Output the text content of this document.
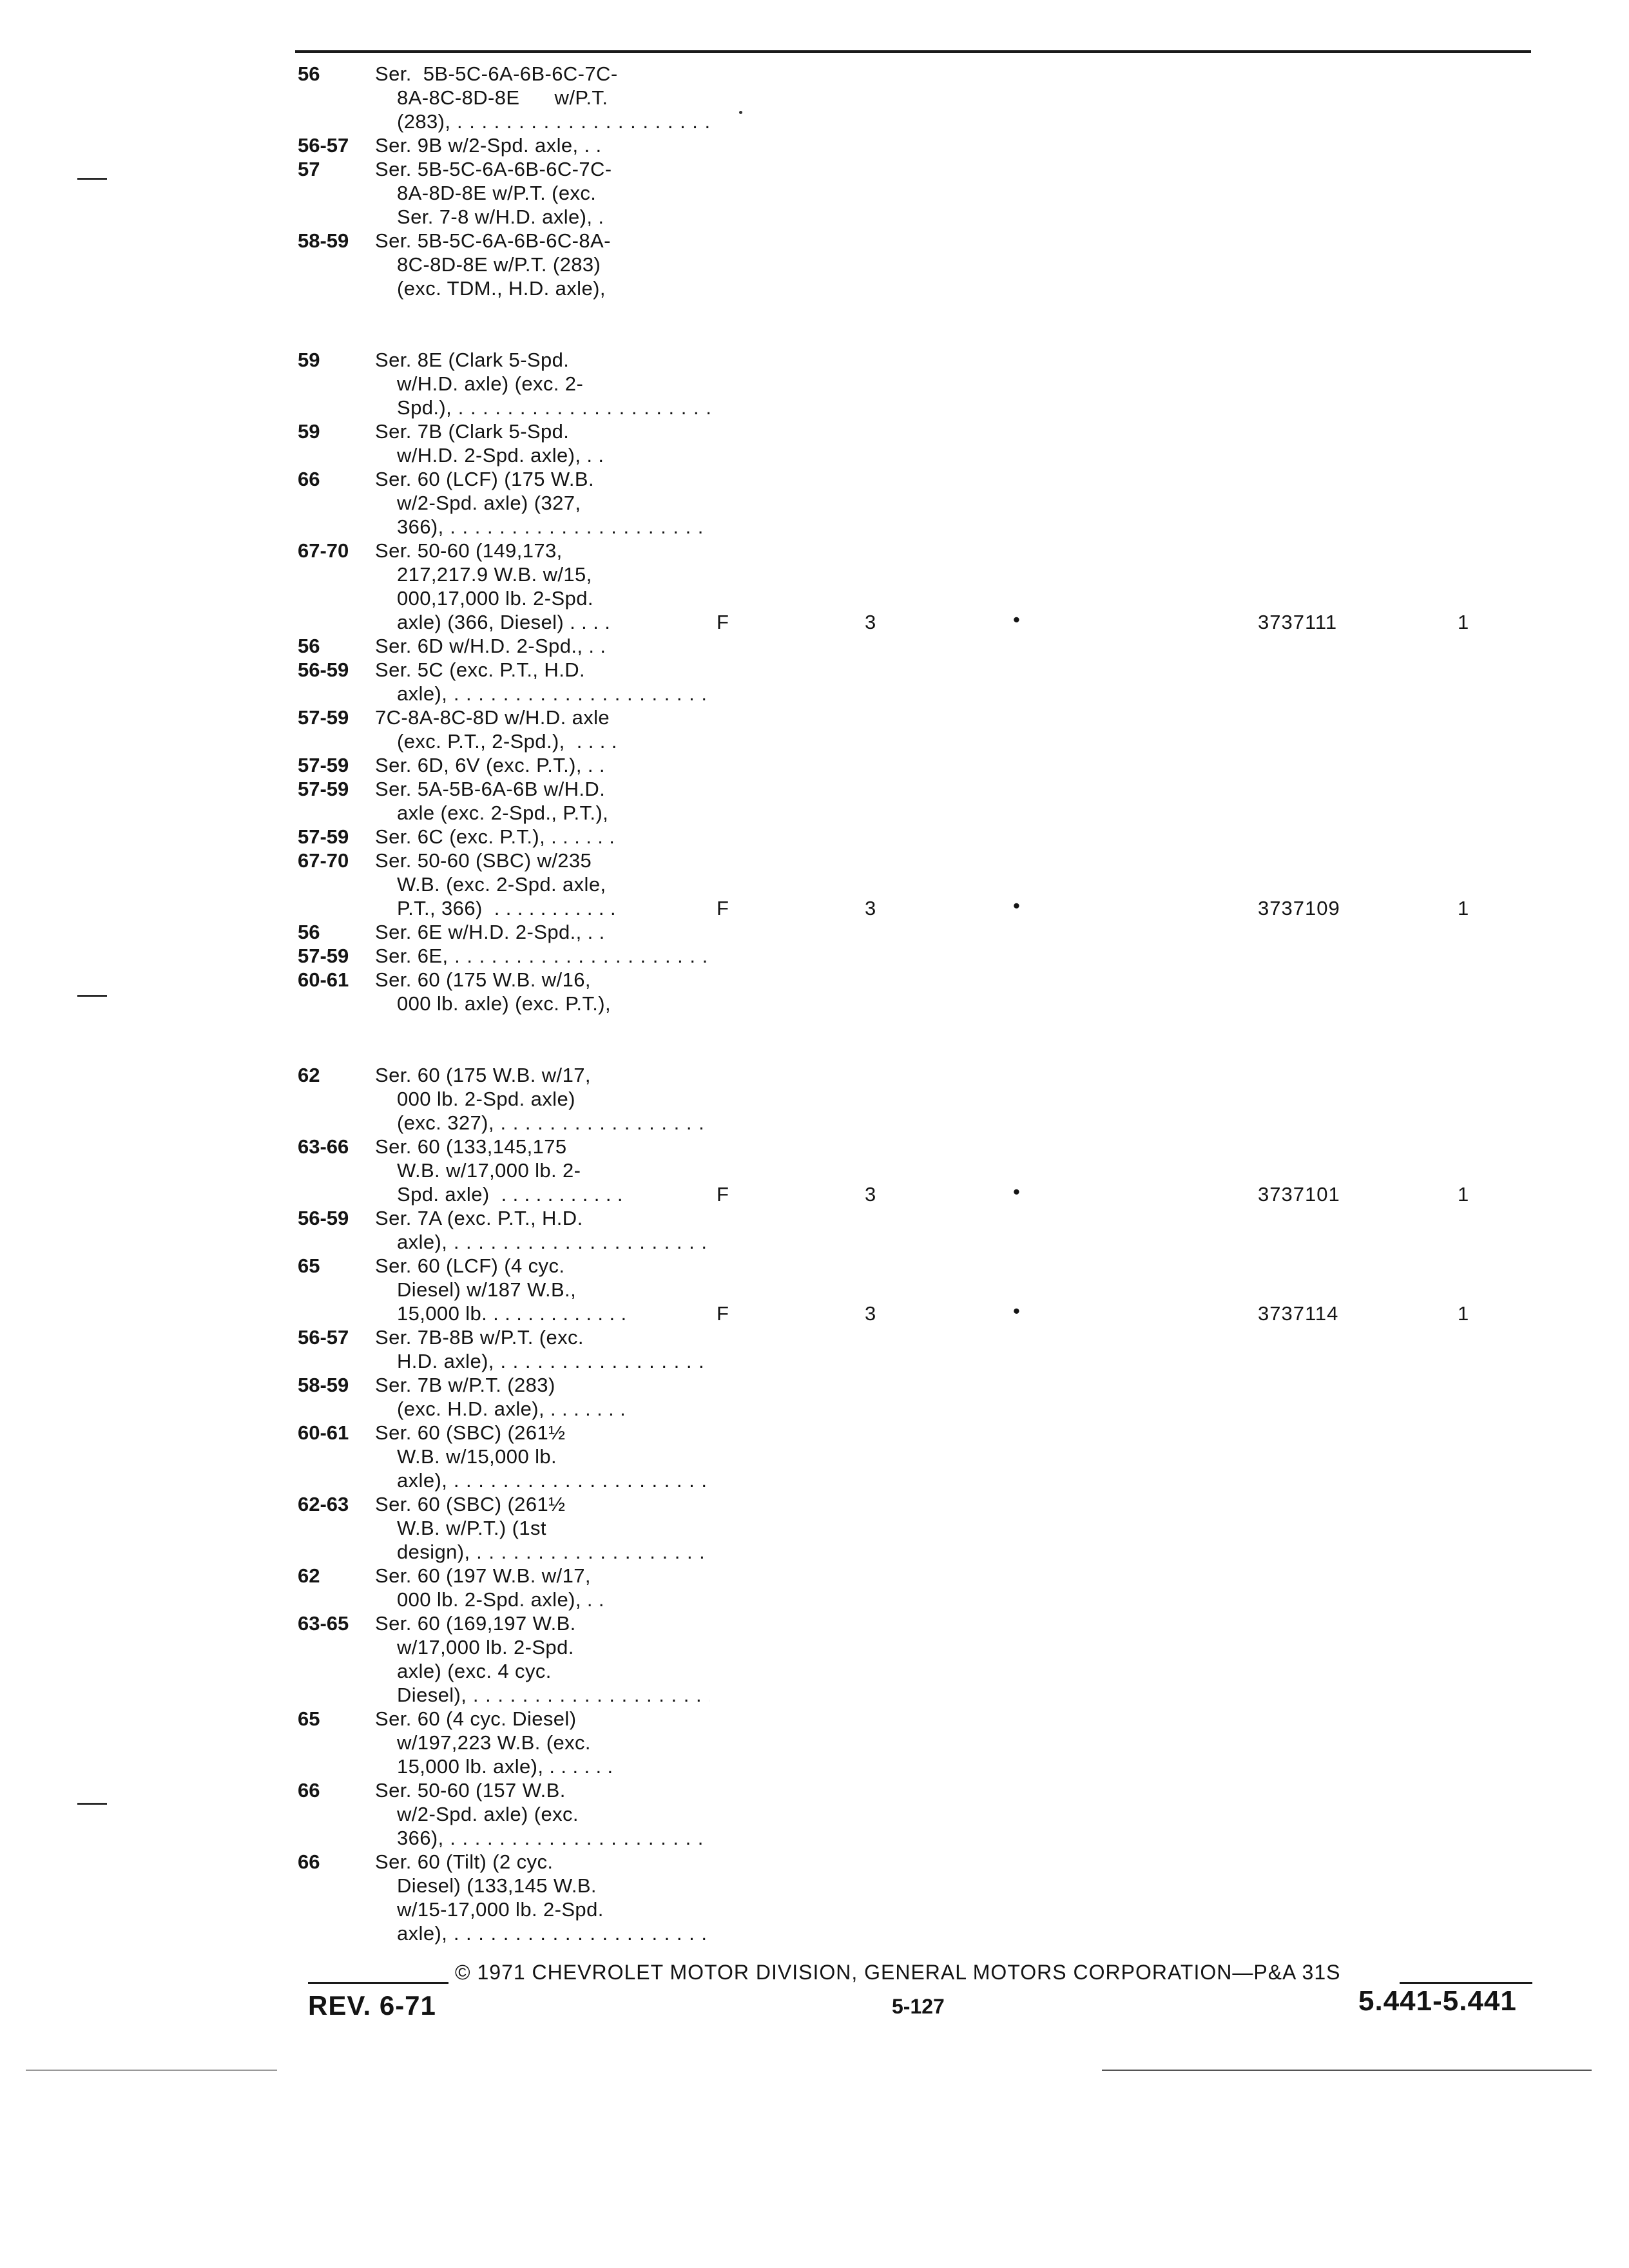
56	Ser.  5B-5C-6A-6B-6C-7C-
8A-8C-8D-8E      w/P.T.
(283), . . .
56-57 Ser. 9B w/2-Spd. axle, . .
57	Ser. 5B-5C-6A-6B-6C-7C-
8A-8D-8E w/P.T. (exc.
Ser. 7-8 w/H.D. axle), .
58-59 Ser. 5B-5C-6A-6B-6C-8A-
8C-8D-8E w/P.T. (283)
(exc. TDM., H.D. axle),
59	Ser. 8E (Clark 5-Spd.
w/H.D. axle) (exc. 2-
Spd.), . . .
59	Ser. 7B (Clark 5-Spd.
w/H.D. 2-Spd. axle), . .
66	Ser. 60 (LCF) (175 W.B.
w/2-Spd. axle) (327,
366), . . .
67-70 Ser. 50-60 (149,173,
217,217.9 W.B. w/15,
000,17,000 lb. 2-Spd.
axle) (366, Diesel) . . . .	F	3	•	3737111	1
56	Ser. 6D w/H.D. 2-Spd., . .
56-59 Ser. 5C (exc. P.T., H.D.
axle), . . .
57-59 7C-8A-8C-8D w/H.D. axle
(exc. P.T., 2-Spd.),  . . . .
57-59 Ser. 6D, 6V (exc. P.T.), . .
57-59 Ser. 5A-5B-6A-6B w/H.D.
axle (exc. 2-Spd., P.T.),
57-59 Ser. 6C (exc. P.T.), . . . . . .
67-70 Ser. 50-60 (SBC) w/235
W.B. (exc. 2-Spd. axle,
P.T., 366)  . . . . . . . . . . .	F	3	•	3737109	1
56	Ser. 6E w/H.D. 2-Spd., . .
57-59 Ser. 6E, . . .
60-61 Ser. 60 (175 W.B. w/16,
000 lb. axle) (exc. P.T.),
62	Ser. 60 (175 W.B. w/17,
000 lb. 2-Spd. axle)
(exc. 327), . . .
63-66 Ser. 60 (133,145,175
W.B. w/17,000 lb. 2-
Spd. axle)  . . . . . . . . . . .	F	3	•	3737101	1
56-59 Ser. 7A (exc. P.T., H.D.
axle), . . .
65	Ser. 60 (LCF) (4 cyc.
Diesel) w/187 W.B.,
15,000 lb. . . . . . . . . . . . .	F	3	•	3737114	1
56-57 Ser. 7B-8B w/P.T. (exc.
H.D. axle), . . .
58-59 Ser. 7B w/P.T. (283)
(exc. H.D. axle), . . . . . . .
60-61 Ser. 60 (SBC) (261½
W.B. w/15,000 lb.
axle), . . .
62-63 Ser. 60 (SBC) (261½
W.B. w/P.T.) (1st
design), . . .
62	Ser. 60 (197 W.B. w/17,
000 lb. 2-Spd. axle), . .
63-65 Ser. 60 (169,197 W.B.
w/17,000 lb. 2-Spd.
axle) (exc. 4 cyc.
Diesel), . . .
65	Ser. 60 (4 cyc. Diesel)
w/197,223 W.B. (exc.
15,000 lb. axle), . . . . . .
66	Ser. 50-60 (157 W.B.
w/2-Spd. axle) (exc.
366), . . .
66	Ser. 60 (Tilt) (2 cyc.
Diesel) (133,145 W.B.
w/15-17,000 lb. 2-Spd.
axle), . . .
© 1971 CHEVROLET MOTOR DIVISION, GENERAL MOTORS CORPORATION—P&A 31S
REV. 6-71	5-127	5.441-5.441
